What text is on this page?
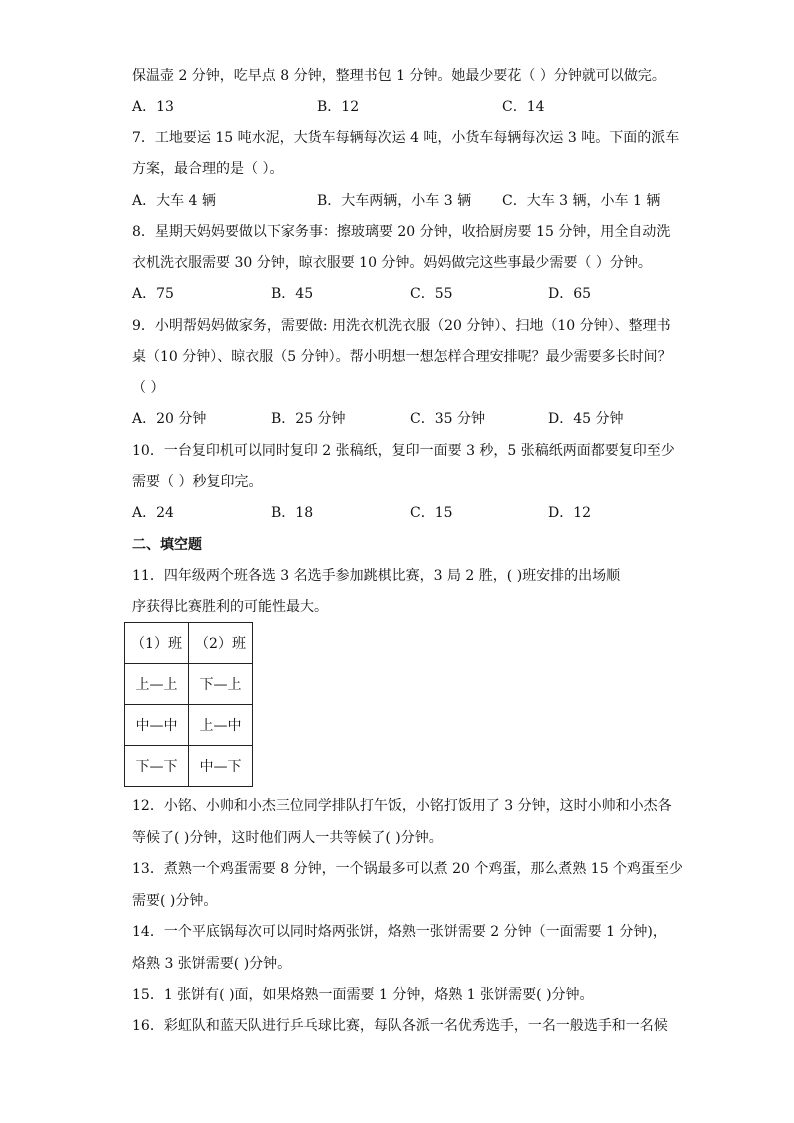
保温壶 2 分钟，吃早点 8 分钟，整理书包 1 分钟。她最少要花（ ）分钟就可以做完。
A．13	B．12	C．14
7．工地要运 15 吨水泥，大货车每辆每次运 4 吨，小货车每辆每次运 3 吨。下面的派车
方案，最合理的是（ ）。
A．大车 4 辆	B．大车两辆，小车 3 辆 C．大车 3 辆，小车 1 辆
8．星期天妈妈要做以下家务事：擦玻璃要 20 分钟，收拾厨房要 15 分钟，用全自动洗
衣机洗衣服需要 30 分钟，晾衣服要 10 分钟。妈妈做完这些事最少需要（ ）分钟。
A．75	B．45	C．55	D．65
9．小明帮妈妈做家务，需要做: 用洗衣机洗衣服（20 分钟）、扫地（10 分钟）、整理书
桌（10 分钟）、晾衣服（5 分钟）。帮小明想一想怎样合理安排呢？最少需要多长时间？
（ ）
A．20 分钟	B．25 分钟	C．35 分钟	D．45 分钟
10．一台复印机可以同时复印 2 张稿纸，复印一面要 3 秒，5 张稿纸两面都要复印至少
需要（ ）秒复印完。
A．24	B．18	C．15	D．12
二、填空题
11．四年级两个班各选 3 名选手参加跳棋比赛，3 局 2 胜，( )班安排的出场顺
序获得比赛胜利的可能性最大。
（1）班	（2）班
上—上	下—上
中—中	上—中
下—下	中—下
12．小铭、小帅和小杰三位同学排队打午饭，小铭打饭用了 3 分钟，这时小帅和小杰各
等候了( )分钟，这时他们两人一共等候了( )分钟。
13．煮熟一个鸡蛋需要 8 分钟，一个锅最多可以煮 20 个鸡蛋，那么煮熟 15 个鸡蛋至少
需要( )分钟。
14．一个平底锅每次可以同时烙两张饼，烙熟一张饼需要 2 分钟（一面需要 1 分钟)，
烙熟 3 张饼需要( )分钟。
15．1 张饼有( )面，如果烙熟一面需要 1 分钟，烙熟 1 张饼需要( )分钟。
16．彩虹队和蓝天队进行乒乓球比赛，每队各派一名优秀选手，一名一般选手和一名候
